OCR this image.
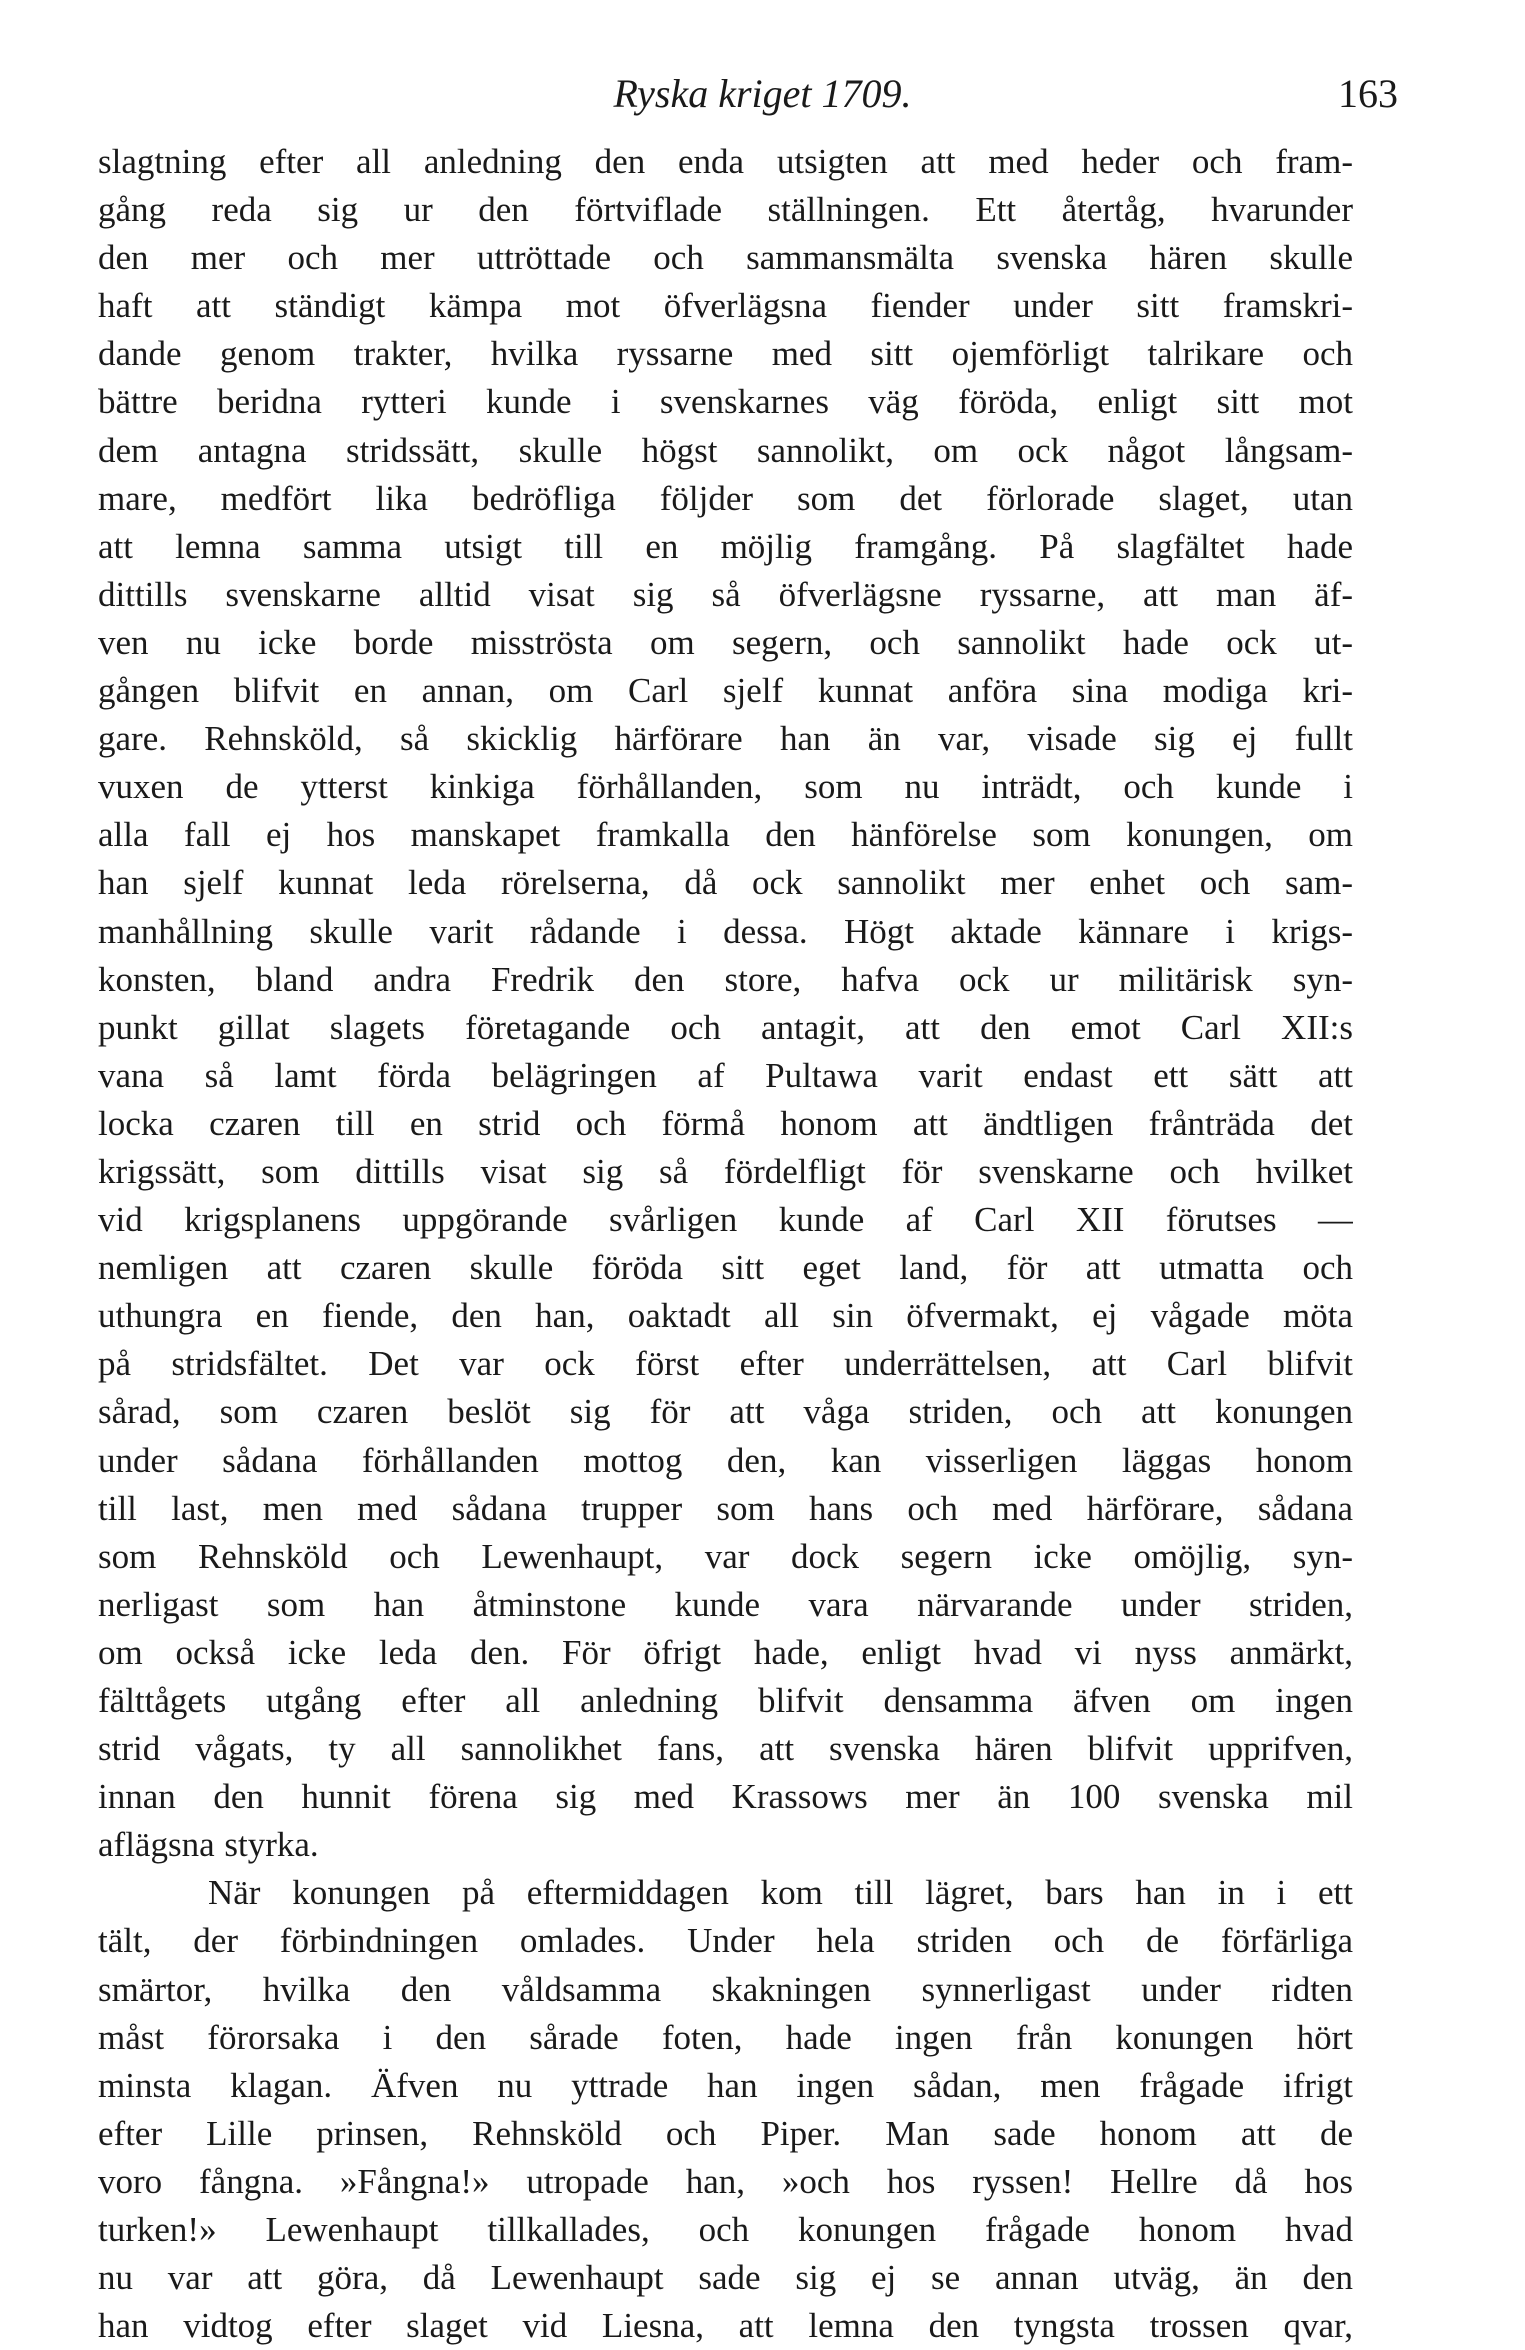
Ryska kriget 1709.	163
slagtning efter all anledning den enda utsigten att med heder och fram-
gång reda sig ur den förtviflade ställningen. Ett återtåg, hvarunder
den mer och mer uttröttade och sammansmälta svenska hären skulle
haft att ständigt kämpa mot öfverlägsna fiender under sitt framskri-
dande genom trakter, hvilka ryssarne med sitt ojemförligt talrikare och
bättre beridna rytteri kunde i svenskarnes väg föröda, enligt sitt mot
dem antagna stridssätt, skulle högst sannolikt, om ock något långsam-
mare, medfört lika bedröfliga följder som det förlorade slaget, utan
att lemna samma utsigt till en möjlig framgång. På slagfältet hade
dittills svenskarne alltid visat sig så öfverlägsne ryssarne, att man äf-
ven nu icke borde misströsta om segern, och sannolikt hade ock ut-
gången blifvit en annan, om Carl sjelf kunnat anföra sina modiga kri-
gare. Rehnsköld, så skicklig härförare han än var, visade sig ej fullt
vuxen de ytterst kinkiga förhållanden, som nu inträdt, och kunde i
alla fall ej hos manskapet framkalla den hänförelse som konungen, om
han sjelf kunnat leda rörelserna, då ock sannolikt mer enhet och sam-
manhållning skulle varit rådande i dessa. Högt aktade kännare i krigs-
konsten, bland andra Fredrik den store, hafva ock ur militärisk syn-
punkt gillat slagets företagande och antagit, att den emot Carl XII:s
vana så lamt förda belägringen af Pultawa varit endast ett sätt att
locka czaren till en strid och förmå honom att ändtligen frånträda det
krigssätt, som dittills visat sig så fördelfligt för svenskarne och hvilket
vid krigsplanens uppgörande svårligen kunde af Carl XII förutses —
nemligen att czaren skulle föröda sitt eget land, för att utmatta och
uthungra en fiende, den han, oaktadt all sin öfvermakt, ej vågade möta
på stridsfältet. Det var ock först efter underrättelsen, att Carl blifvit
sårad, som czaren beslöt sig för att våga striden, och att konungen
under sådana förhållanden mottog den, kan visserligen läggas honom
till last, men med sådana trupper som hans och med härförare, sådana
som Rehnsköld och Lewenhaupt, var dock segern icke omöjlig, syn-
nerligast som han åtminstone kunde vara närvarande under striden,
om också icke leda den. För öfrigt hade, enligt hvad vi nyss anmärkt,
fälttågets utgång efter all anledning blifvit densamma äfven om ingen
strid vågats, ty all sannolikhet fans, att svenska hären blifvit upprifven,
innan den hunnit förena sig med Krassows mer än 100 svenska mil
aflägsna styrka.
När konungen på eftermiddagen kom till lägret, bars han in i ett
tält, der förbindningen omlades. Under hela striden och de förfärliga
smärtor, hvilka den våldsamma skakningen synnerligast under ridten
måst förorsaka i den sårade foten, hade ingen från konungen hört
minsta klagan. Äfven nu yttrade han ingen sådan, men frågade ifrigt
efter Lille prinsen, Rehnsköld och Piper. Man sade honom att de
voro fångna. »Fångna!» utropade han, »och hos ryssen! Hellre då hos
turken!» Lewenhaupt tillkallades, och konungen frågade honom hvad
nu var att göra, då Lewenhaupt sade sig ej se annan utväg, än den
han vidtog efter slaget vid Liesna, att lemna den tyngsta trossen qvar,
